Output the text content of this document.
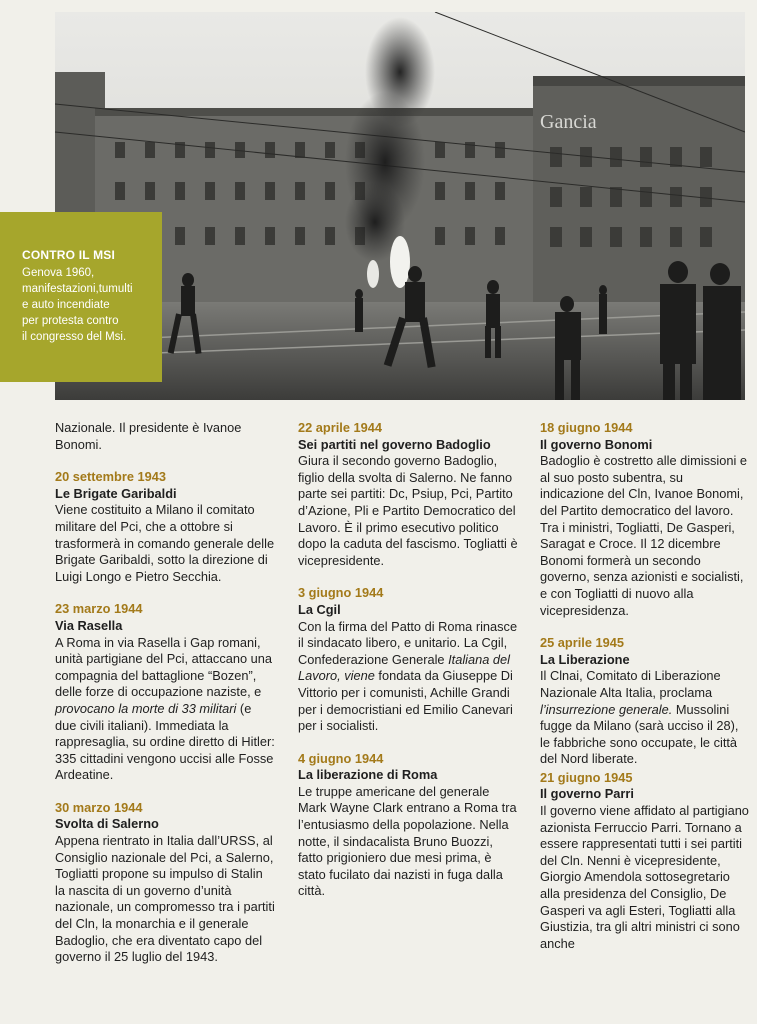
Gancia
CONTRO IL MSI
Genova 1960,
manifestazioni,tumulti
e auto incendiate
per protesta contro
il congresso del Msi.

Nazionale. Il presidente è Ivanoe Bonomi.

20 settembre 1943
Le Brigate Garibaldi

Viene costituito a Milano il comitato militare del Pci, che a ottobre si trasformerà in comando generale delle Brigate Garibaldi, sotto la direzione di Luigi Longo e Pietro Secchia.

23 marzo 1944
Via Rasella

A Roma in via Rasella i Gap romani, unità partigiane del Pci, attaccano una compagnia del battaglione “Bozen”, delle forze di occupazione naziste, e provocano la morte di 33 militari (e due civili italiani). Immediata la rappresaglia, su ordine diretto di Hitler: 335 cittadini vengono uccisi alle Fosse Ardeatine.

30 marzo 1944
Svolta di Salerno

Appena rientrato in Italia dall’URSS, al Consiglio nazionale del Pci, a Salerno, Togliatti propone su impulso di Stalin la nascita di un governo d’unità nazionale, un compromesso tra i partiti del Cln, la monarchia e il generale Badoglio, che era diventato capo del governo il 25 luglio del 1943.

22 aprile 1944
Sei partiti nel governo Badoglio

Giura il secondo governo Badoglio, figlio della svolta di Salerno. Ne fanno parte sei partiti: Dc, Psiup, Pci, Partito d’Azione, Pli e Partito Democratico del Lavoro. È il primo esecutivo politico dopo la caduta del fascismo. Togliatti è vicepresidente.

3 giugno 1944
La Cgil

Con la firma del Patto di Roma rinasce il sindacato libero, e unitario. La Cgil, Confederazione Generale Italiana del Lavoro, viene fondata da Giuseppe Di Vittorio per i comunisti, Achille Grandi per i democristiani ed Emilio Canevari per i socialisti.

4 giugno 1944
La liberazione di Roma

Le truppe americane del generale Mark Wayne Clark entrano a Roma tra l’entusiasmo della popolazione. Nella notte, il sindacalista Bruno Buozzi, fatto prigioniero due mesi prima, è stato fucilato dai nazisti in fuga dalla città.

18 giugno 1944
Il governo Bonomi

Badoglio è costretto alle dimissioni e al suo posto subentra, su indicazione del Cln, Ivanoe Bonomi, del Partito democratico del lavoro. Tra i ministri, Togliatti, De Gasperi, Saragat e Croce. Il 12 dicembre Bonomi formerà un secondo governo, senza azionisti e socialisti, e con Togliatti di nuovo alla vicepresidenza.

25 aprile 1945
La Liberazione

Il Clnai, Comitato di Liberazione Nazionale Alta Italia, proclama l’insurrezione generale. Mussolini fugge da Milano (sarà ucciso il 28), le fabbriche sono occupate, le città del Nord liberate.

21 giugno 1945
Il governo Parri

Il governo viene affidato al partigiano azionista Ferruccio Parri. Tornano a essere rappresentati tutti i sei partiti del Cln. Nenni è vicepresidente, Giorgio Amendola sottosegretario alla presidenza del Consiglio, De Gasperi va agli Esteri, Togliatti alla Giustizia, tra gli altri ministri ci sono anche
